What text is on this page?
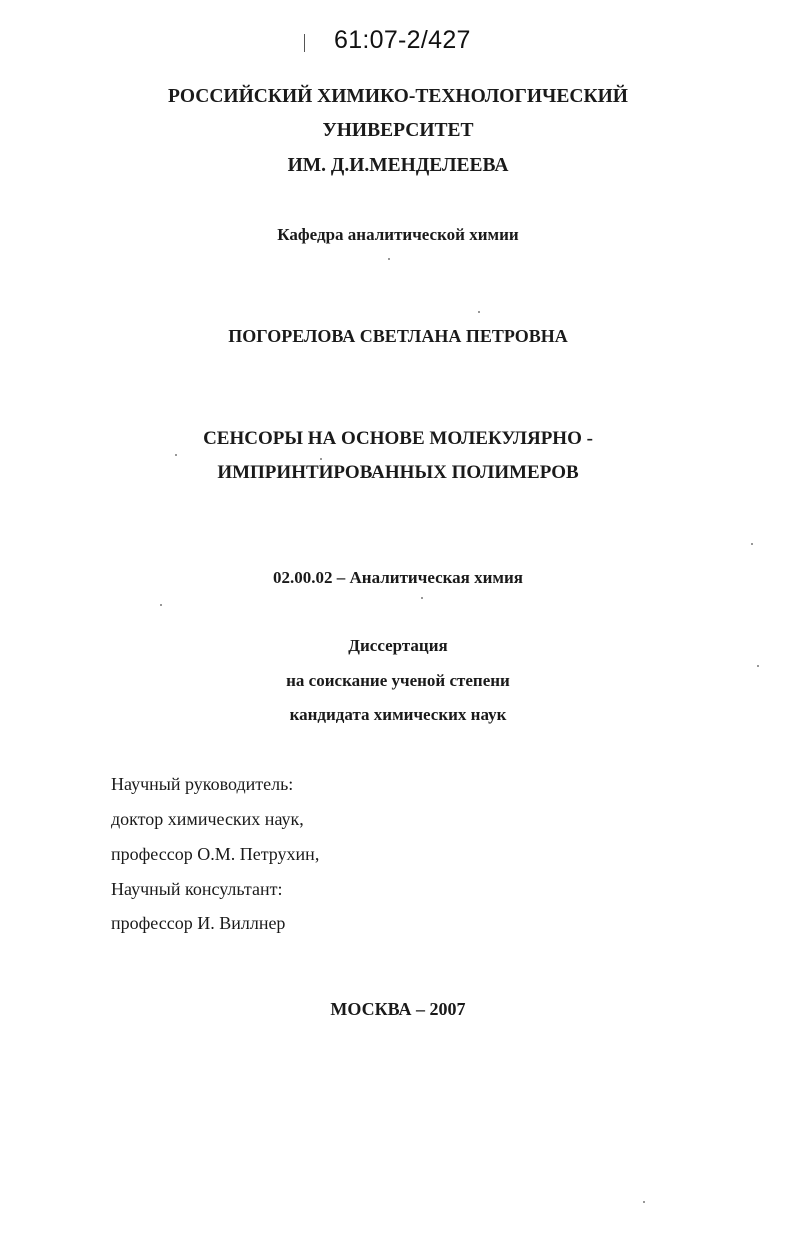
61:07-2/427
РОССИЙСКИЙ ХИМИКО-ТЕХНОЛОГИЧЕСКИЙ
УНИВЕРСИТЕТ
ИМ. Д.И.МЕНДЕЛЕЕВА
Кафедра аналитической химии
ПОГОРЕЛОВА СВЕТЛАНА ПЕТРОВНА
СЕНСОРЫ НА ОСНОВЕ МОЛЕКУЛЯРНО -
ИМПРИНТИРОВАННЫХ ПОЛИМЕРОВ
02.00.02 – Аналитическая химия
Диссертация
на соискание ученой степени
кандидата химических наук
Научный руководитель:
доктор химических наук,
профессор О.М. Петрухин,
Научный консультант:
профессор И. Виллнер
МОСКВА – 2007
